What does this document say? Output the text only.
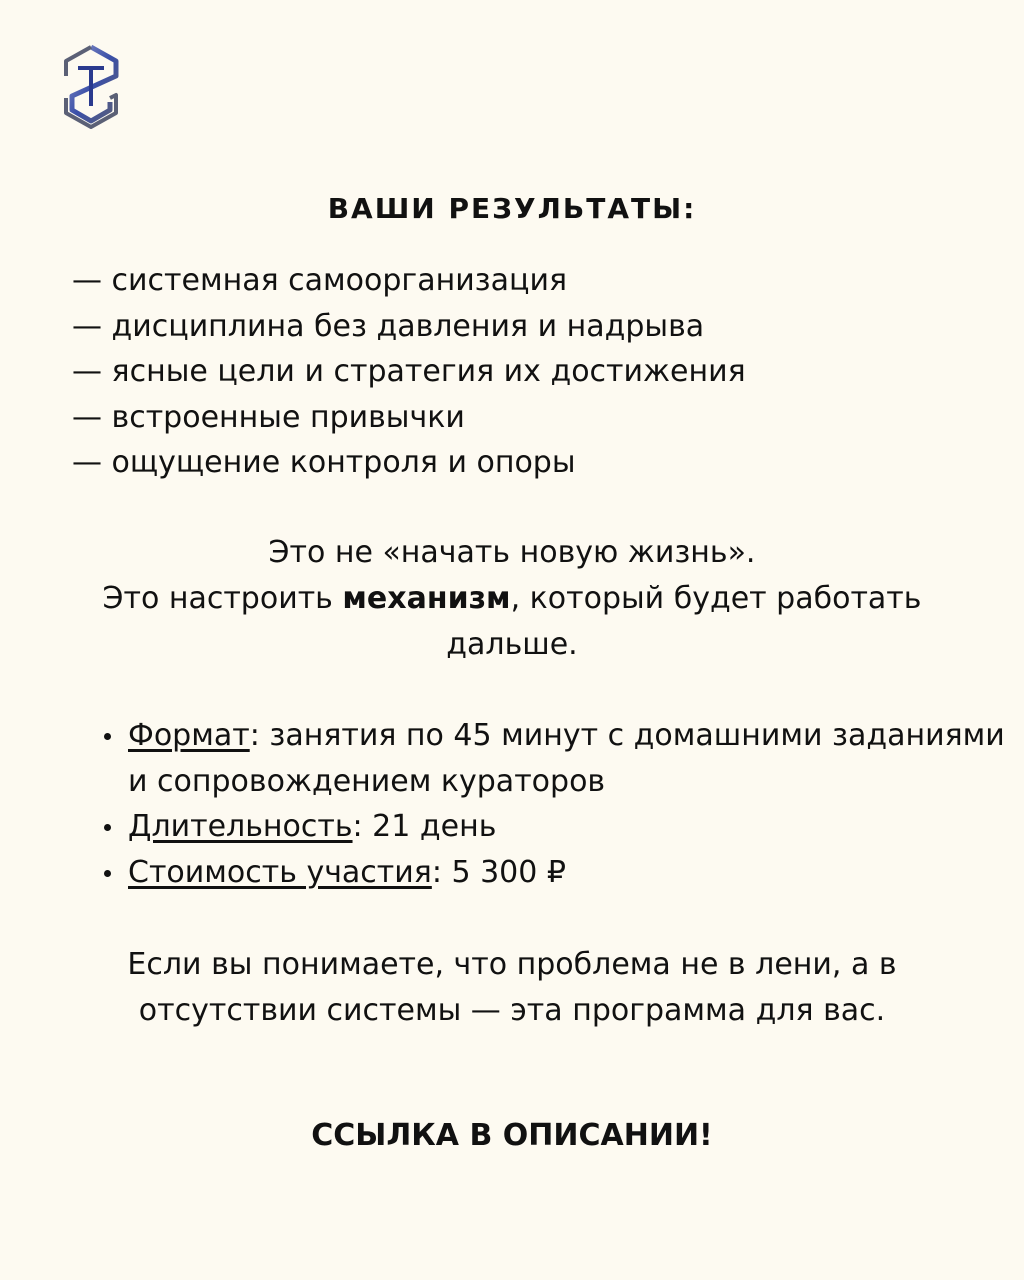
ВАШИ РЕЗУЛЬТАТЫ:
— системная самоорганизация
— дисциплина без давления и надрыва
— ясные цели и стратегия их достижения
— встроенные привычки
— ощущение контроля и опоры

Это не «начать новую жизнь».

Это настроить механизм, который будет работать дальше.

Формат: занятия по 45 минут с домашними заданиями и сопровождением кураторов
Длительность: 21 день
Стоимость участия: 5 300 ₽
Если вы понимаете, что проблема не в лени, а в
отсутствии системы — эта программа для вас.
ССЫЛКА В ОПИСАНИИ!
